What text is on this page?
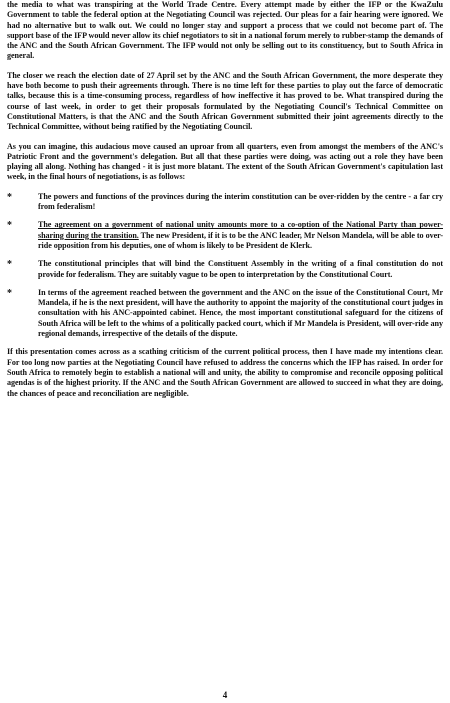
the media to what was transpiring at the World Trade Centre. Every attempt made by either the IFP or the KwaZulu Government to table the federal option at the Negotiating Council was rejected. Our pleas for a fair hearing were ignored. We had no alternative but to walk out. We could no longer stay and support a process that we could not become part of. The support base of the IFP would never allow its chief negotiators to sit in a national forum merely to rubber-stamp the demands of the ANC and the South African Government. The IFP would not only be selling out to its constituency, but to South Africa in general.

The closer we reach the election date of 27 April set by the ANC and the South African Government, the more desperate they have both become to push their agreements through. There is no time left for these parties to play out the farce of democratic talks, because this is a time-consuming process, regardless of how ineffective it has proved to be. What transpired during the course of last week, in order to get their proposals formulated by the Negotiating Council's Technical Committee on Constitutional Matters, is that the ANC and the South African Government submitted their joint agreements directly to the Technical Committee, without being ratified by the Negotiating Council.

As you can imagine, this audacious move caused an uproar from all quarters, even from amongst the members of the ANC's Patriotic Front and the government's delegation. But all that these parties were doing, was acting out a role they have been playing all along. Nothing has changed - it is just more blatant. The extent of the South African Government's capitulation last week, in the final hours of negotiations, is as follows:

*	The powers and functions of the provinces during the interim constitution can be over-ridden by the centre - a far cry from federalism!
*	The agreement on a government of national unity amounts more to a co-option of the National Party than power-sharing during the transition. The new President, if it is to be the ANC leader, Mr Nelson Mandela, will be able to over-ride opposition from his deputies, one of whom is likely to be President de Klerk.
*	The constitutional principles that will bind the Constituent Assembly in the writing of a final constitution do not provide for federalism. They are suitably vague to be open to interpretation by the Constitutional Court.
*	In terms of the agreement reached between the government and the ANC on the issue of the Constitutional Court, Mr Mandela, if he is the next president, will have the authority to appoint the majority of the constitutional court judges in consultation with his ANC-appointed cabinet. Hence, the most important constitutional safeguard for the citizens of South Africa will be left to the whims of a politically packed court, which if Mr Mandela is President, will over-ride any regional demands, irrespective of the details of the dispute.

If this presentation comes across as a scathing criticism of the current political process, then I have made my intentions clear. For too long now parties at the Negotiating Council have refused to address the concerns which the IFP has raised. In order for South Africa to remotely begin to establish a national will and unity, the ability to compromise and reconcile opposing political agendas is of the highest priority. If the ANC and the South African Government are allowed to succeed in what they are doing, the chances of peace and reconciliation are negligible.

4
